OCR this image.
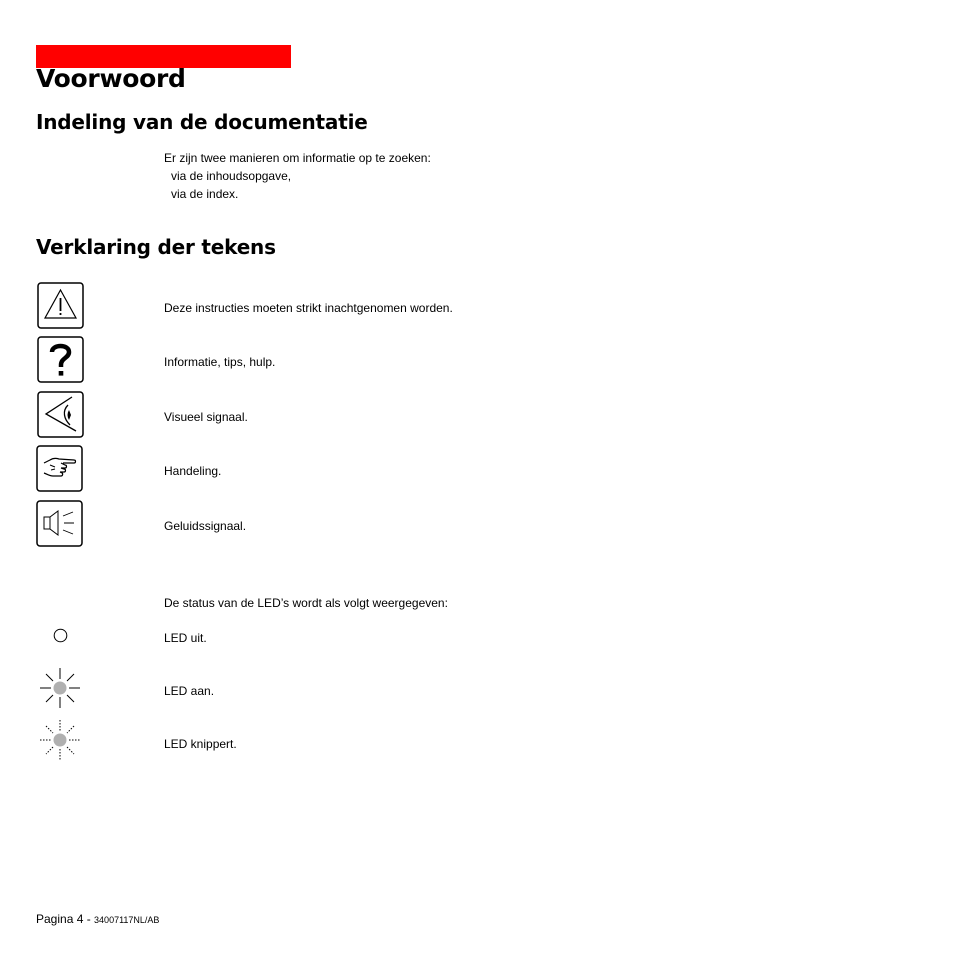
Voorwoord
Indeling van de documentatie
Er zijn twee manieren om informatie op te zoeken:
via de inhoudsopgave,
via de index.
Verklaring der tekens
Deze instructies moeten strikt inachtgenomen worden.
Informatie, tips, hulp.
Visueel signaal.
Handeling.
Geluidssignaal.
De status van de LED’s wordt als volgt weergegeven:
LED uit.
LED aan.
LED knippert.
Pagina 4 - 34007117NL/AB
